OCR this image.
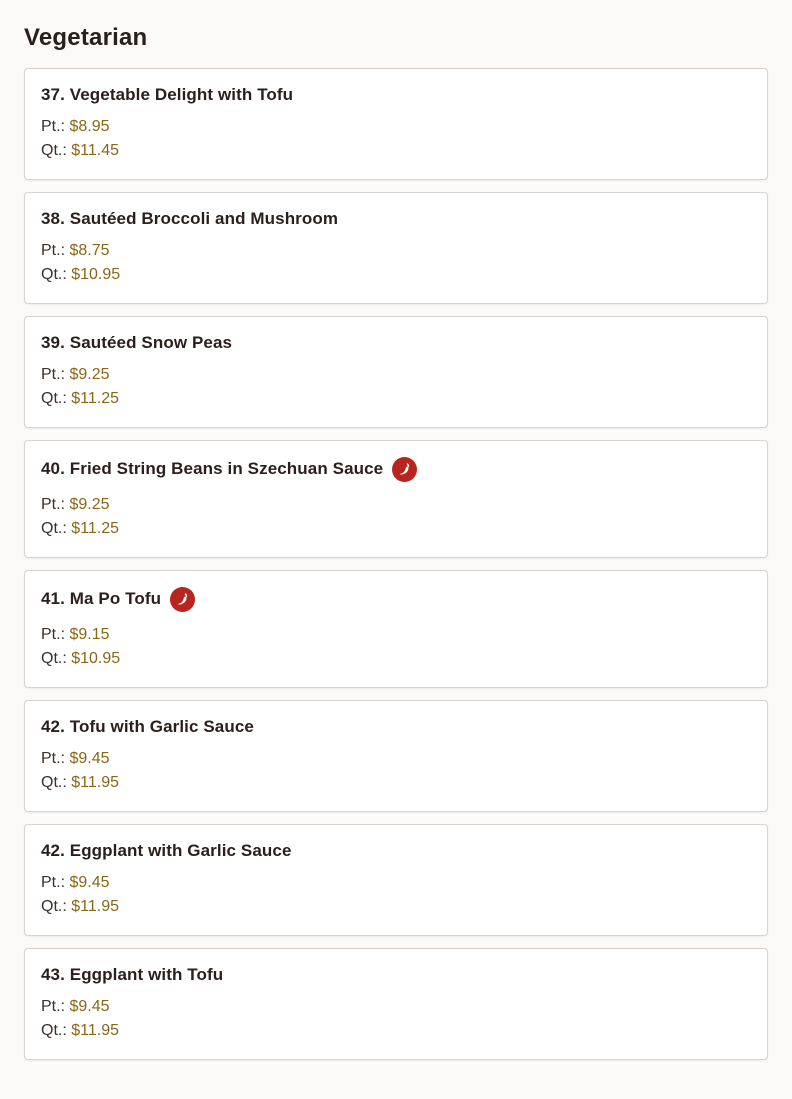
Vegetarian
37. Vegetable Delight with Tofu
Pt.: $8.95
Qt.: $11.45
38. Sautéed Broccoli and Mushroom
Pt.: $8.75
Qt.: $10.95
39. Sautéed Snow Peas
Pt.: $9.25
Qt.: $11.25
40. Fried String Beans in Szechuan Sauce
Pt.: $9.25
Qt.: $11.25
41. Ma Po Tofu
Pt.: $9.15
Qt.: $10.95
42. Tofu with Garlic Sauce
Pt.: $9.45
Qt.: $11.95
42. Eggplant with Garlic Sauce
Pt.: $9.45
Qt.: $11.95
43. Eggplant with Tofu
Pt.: $9.45
Qt.: $11.95
